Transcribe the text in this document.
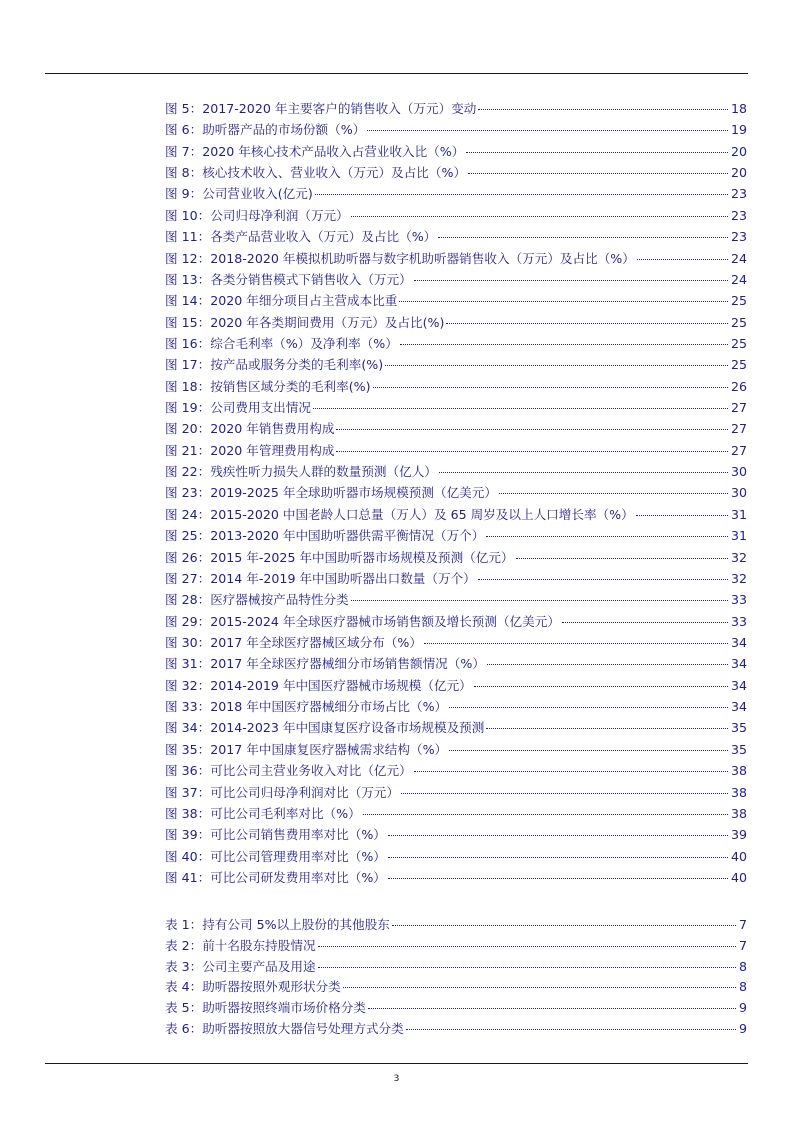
图 5：2017-2020 年主要客户的销售收入（万元）变动	18
图 6：助听器产品的市场份额（%）	19
图 7：2020 年核心技术产品收入占营业收入比（%）	20
图 8：核心技术收入、营业收入（万元）及占比（%）	20
图 9：公司营业收入(亿元)	23
图 10：公司归母净利润（万元）	23
图 11：各类产品营业收入（万元）及占比（%）	23
图 12：2018-2020 年模拟机助听器与数字机助听器销售收入（万元）及占比（%）	24
图 13：各类分销售模式下销售收入（万元）	24
图 14：2020 年细分项目占主营成本比重	25
图 15：2020 年各类期间费用（万元）及占比(%)	25
图 16：综合毛利率（%）及净利率（%）	25
图 17：按产品或服务分类的毛利率(%)	25
图 18：按销售区域分类的毛利率(%)	26
图 19：公司费用支出情况	27
图 20：2020 年销售费用构成	27
图 21：2020 年管理费用构成	27
图 22：残疾性听力损失人群的数量预测（亿人）	30
图 23：2019-2025 年全球助听器市场规模预测（亿美元）	30
图 24：2015-2020 中国老龄人口总量（万人）及 65 周岁及以上人口增长率（%）	31
图 25：2013-2020 年中国助听器供需平衡情况（万个）	31
图 26：2015 年-2025 年中国助听器市场规模及预测（亿元）	32
图 27：2014 年-2019 年中国助听器出口数量（万个）	32
图 28：医疗器械按产品特性分类	33
图 29：2015-2024 年全球医疗器械市场销售额及增长预测（亿美元）	33
图 30：2017 年全球医疗器械区域分布（%）	34
图 31：2017 年全球医疗器械细分市场销售额情况（%）	34
图 32：2014-2019 年中国医疗器械市场规模（亿元）	34
图 33：2018 年中国医疗器械细分市场占比（%）	34
图 34：2014-2023 年中国康复医疗设备市场规模及预测	35
图 35：2017 年中国康复医疗器械需求结构（%）	35
图 36：可比公司主营业务收入对比（亿元）	38
图 37：可比公司归母净利润对比（万元）	38
图 38：可比公司毛利率对比（%）	38
图 39：可比公司销售费用率对比（%）	39
图 40：可比公司管理费用率对比（%）	40
图 41：可比公司研发费用率对比（%）	40
表 1：持有公司 5%以上股份的其他股东	7
表 2：前十名股东持股情况	7
表 3：公司主要产品及用途	8
表 4：助听器按照外观形状分类	8
表 5：助听器按照终端市场价格分类	9
表 6：助听器按照放大器信号处理方式分类	9
3
